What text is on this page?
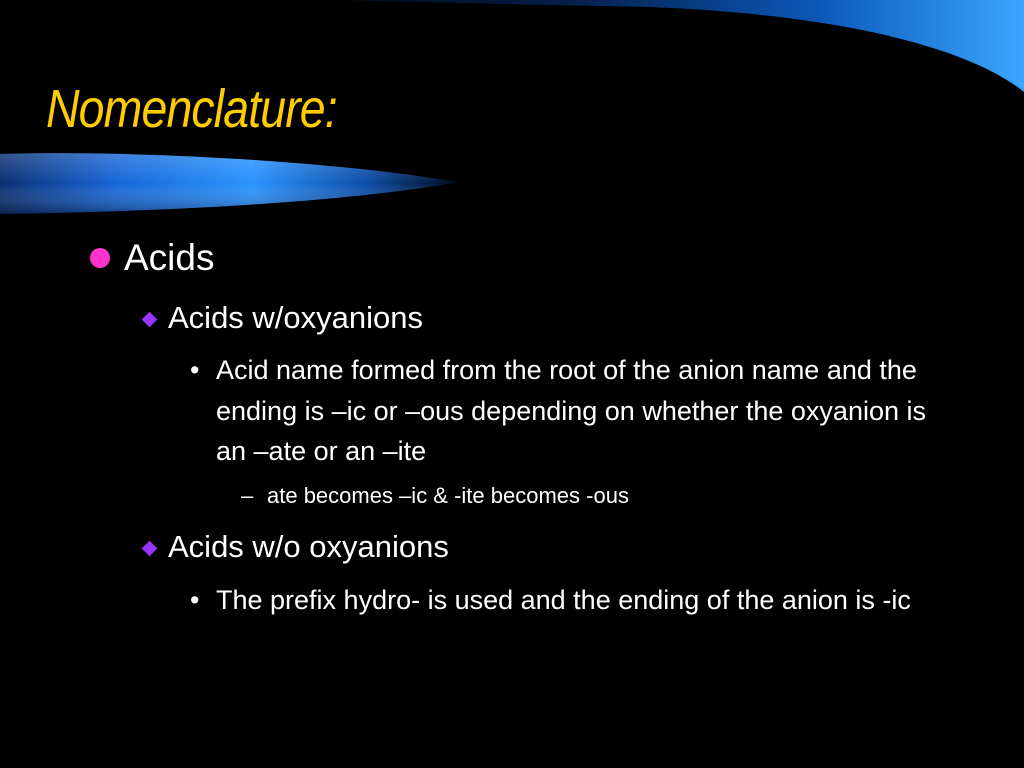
Nomenclature:
Acids
Acids w/oxyanions
• Acid name formed from the root of the anion name and the ending is –ic or –ous depending on whether the oxyanion is an –ate or an –ite
– ate becomes –ic & -ite becomes -ous
Acids w/o oxyanions
• The prefix hydro- is used and the ending of the anion is -ic
